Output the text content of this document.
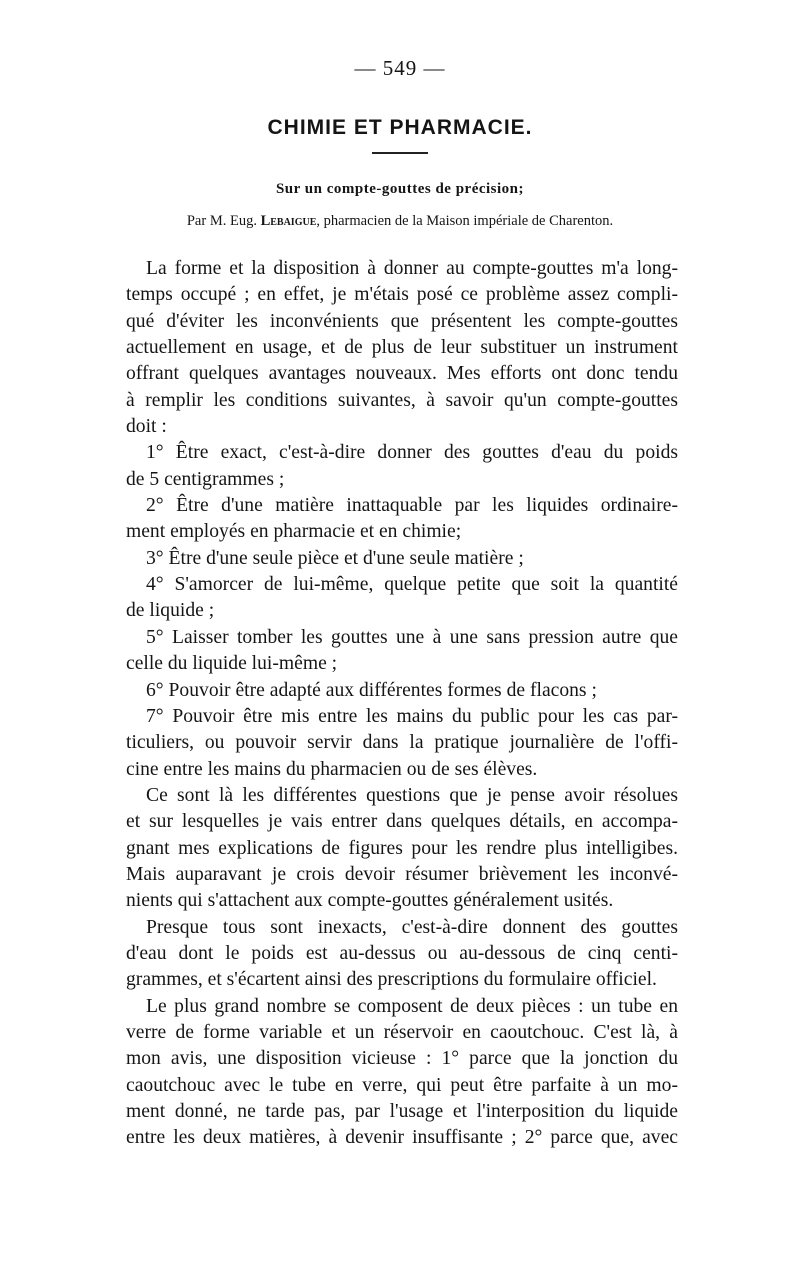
— 549 —
CHIMIE ET PHARMACIE.
Sur un compte-gouttes de précision;
Par M. Eug. Lebaigue, pharmacien de la Maison impériale de Charenton.
La forme et la disposition à donner au compte-gouttes m'a long-
temps occupé ; en effet, je m'étais posé ce problème assez compli-
qué d'éviter les inconvénients que présentent les compte-gouttes
actuellement en usage, et de plus de leur substituer un instrument
offrant quelques avantages nouveaux. Mes efforts ont donc tendu
à remplir les conditions suivantes, à savoir qu'un compte-gouttes
doit :
1° Être exact, c'est-à-dire donner des gouttes d'eau du poids
de 5 centigrammes ;
2° Être d'une matière inattaquable par les liquides ordinaire-
ment employés en pharmacie et en chimie;
3° Être d'une seule pièce et d'une seule matière ;
4° S'amorcer de lui-même, quelque petite que soit la quantité
de liquide ;
5° Laisser tomber les gouttes une à une sans pression autre que
celle du liquide lui-même ;
6° Pouvoir être adapté aux différentes formes de flacons ;
7° Pouvoir être mis entre les mains du public pour les cas par-
ticuliers, ou pouvoir servir dans la pratique journalière de l'offi-
cine entre les mains du pharmacien ou de ses élèves.
Ce sont là les différentes questions que je pense avoir résolues
et sur lesquelles je vais entrer dans quelques détails, en accompa-
gnant mes explications de figures pour les rendre plus intelligibes.
Mais auparavant je crois devoir résumer brièvement les inconvé-
nients qui s'attachent aux compte-gouttes généralement usités.
Presque tous sont inexacts, c'est-à-dire donnent des gouttes
d'eau dont le poids est au-dessus ou au-dessous de cinq centi-
grammes, et s'écartent ainsi des prescriptions du formulaire officiel.
Le plus grand nombre se composent de deux pièces : un tube en
verre de forme variable et un réservoir en caoutchouc. C'est là, à
mon avis, une disposition vicieuse : 1° parce que la jonction du
caoutchouc avec le tube en verre, qui peut être parfaite à un mo-
ment donné, ne tarde pas, par l'usage et l'interposition du liquide
entre les deux matières, à devenir insuffisante ; 2° parce que, avec
